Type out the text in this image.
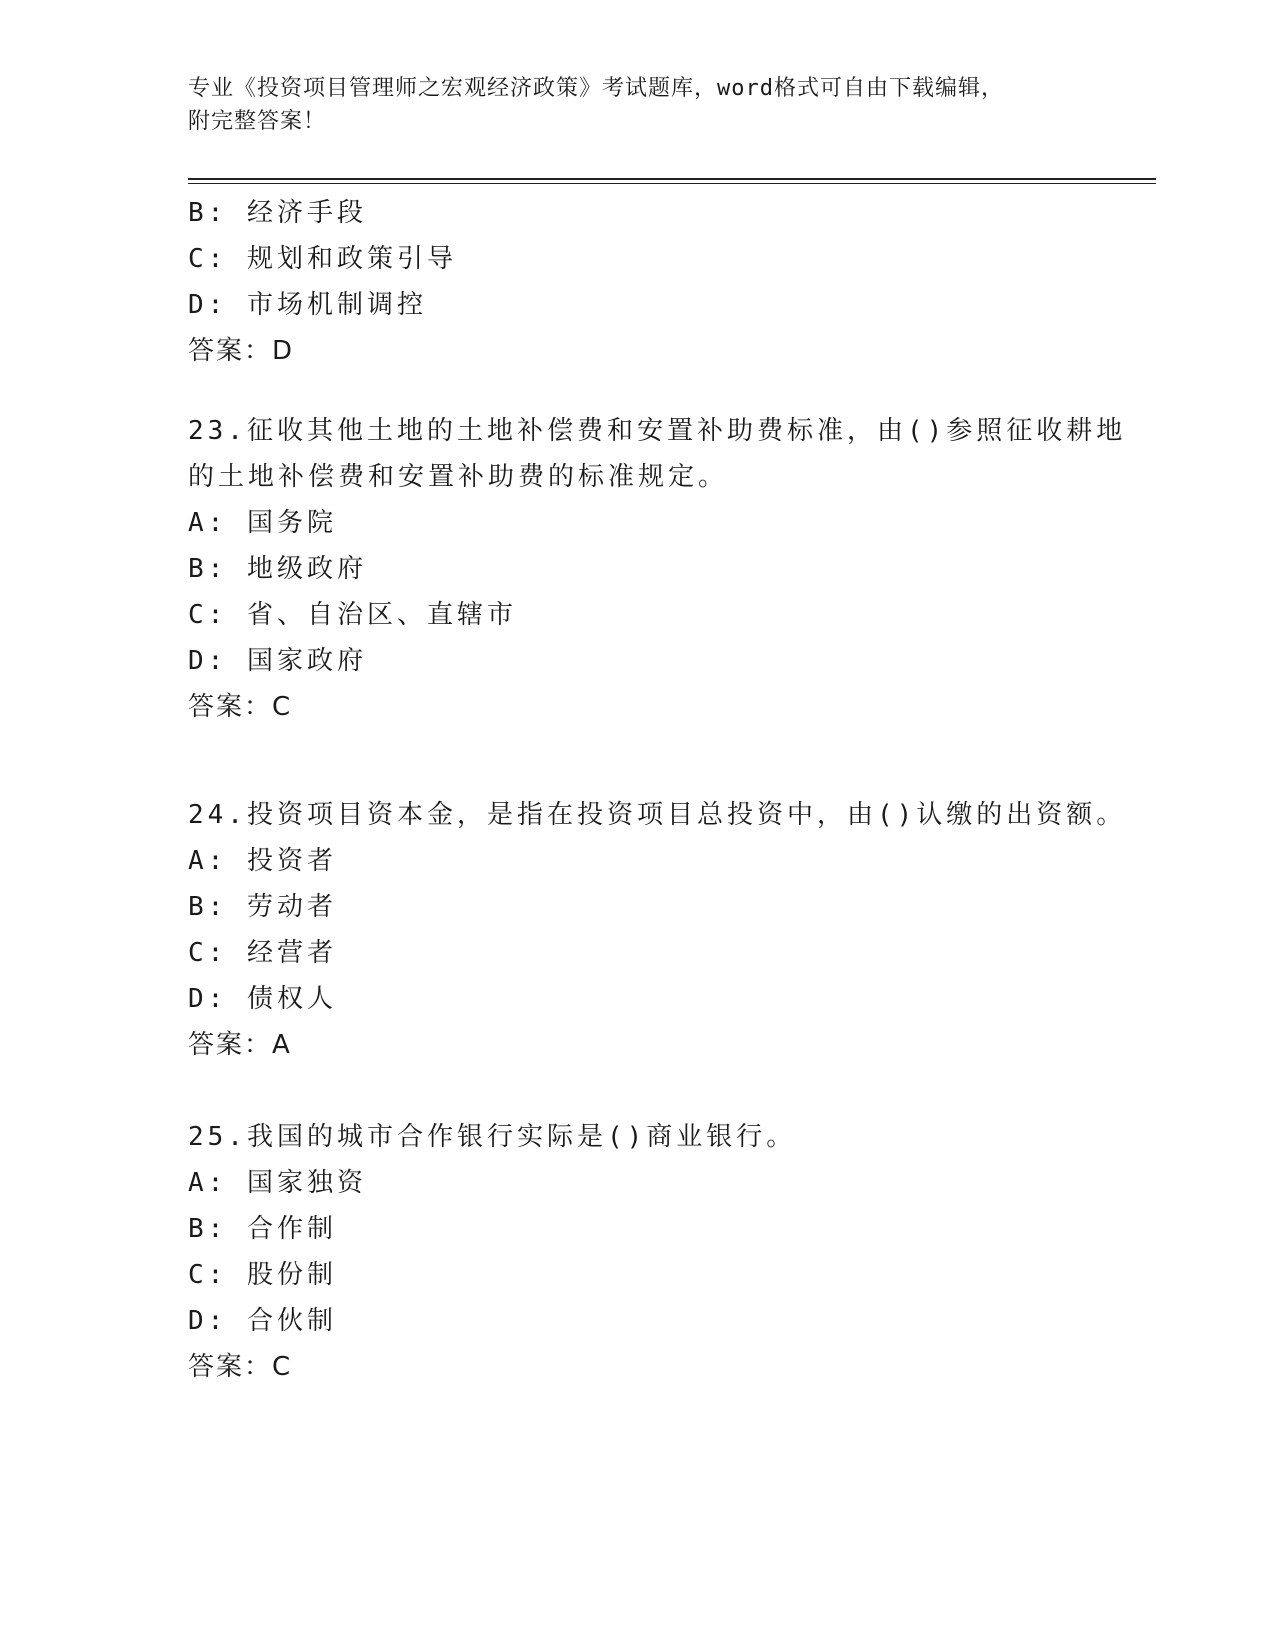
专业《投资项目管理师之宏观经济政策》考试题库，word格式可自由下载编辑，
附完整答案！
B: 经济手段
C: 规划和政策引导
D: 市场机制调控
答案：D
23.征收其他土地的土地补偿费和安置补助费标准，由()参照征收耕地
的土地补偿费和安置补助费的标准规定。
A: 国务院
B: 地级政府
C: 省、自治区、直辖市
D: 国家政府
答案：C
24.投资项目资本金，是指在投资项目总投资中，由()认缴的出资额。
A: 投资者
B: 劳动者
C: 经营者
D: 债权人
答案：A
25.我国的城市合作银行实际是()商业银行。
A: 国家独资
B: 合作制
C: 股份制
D: 合伙制
答案：C
